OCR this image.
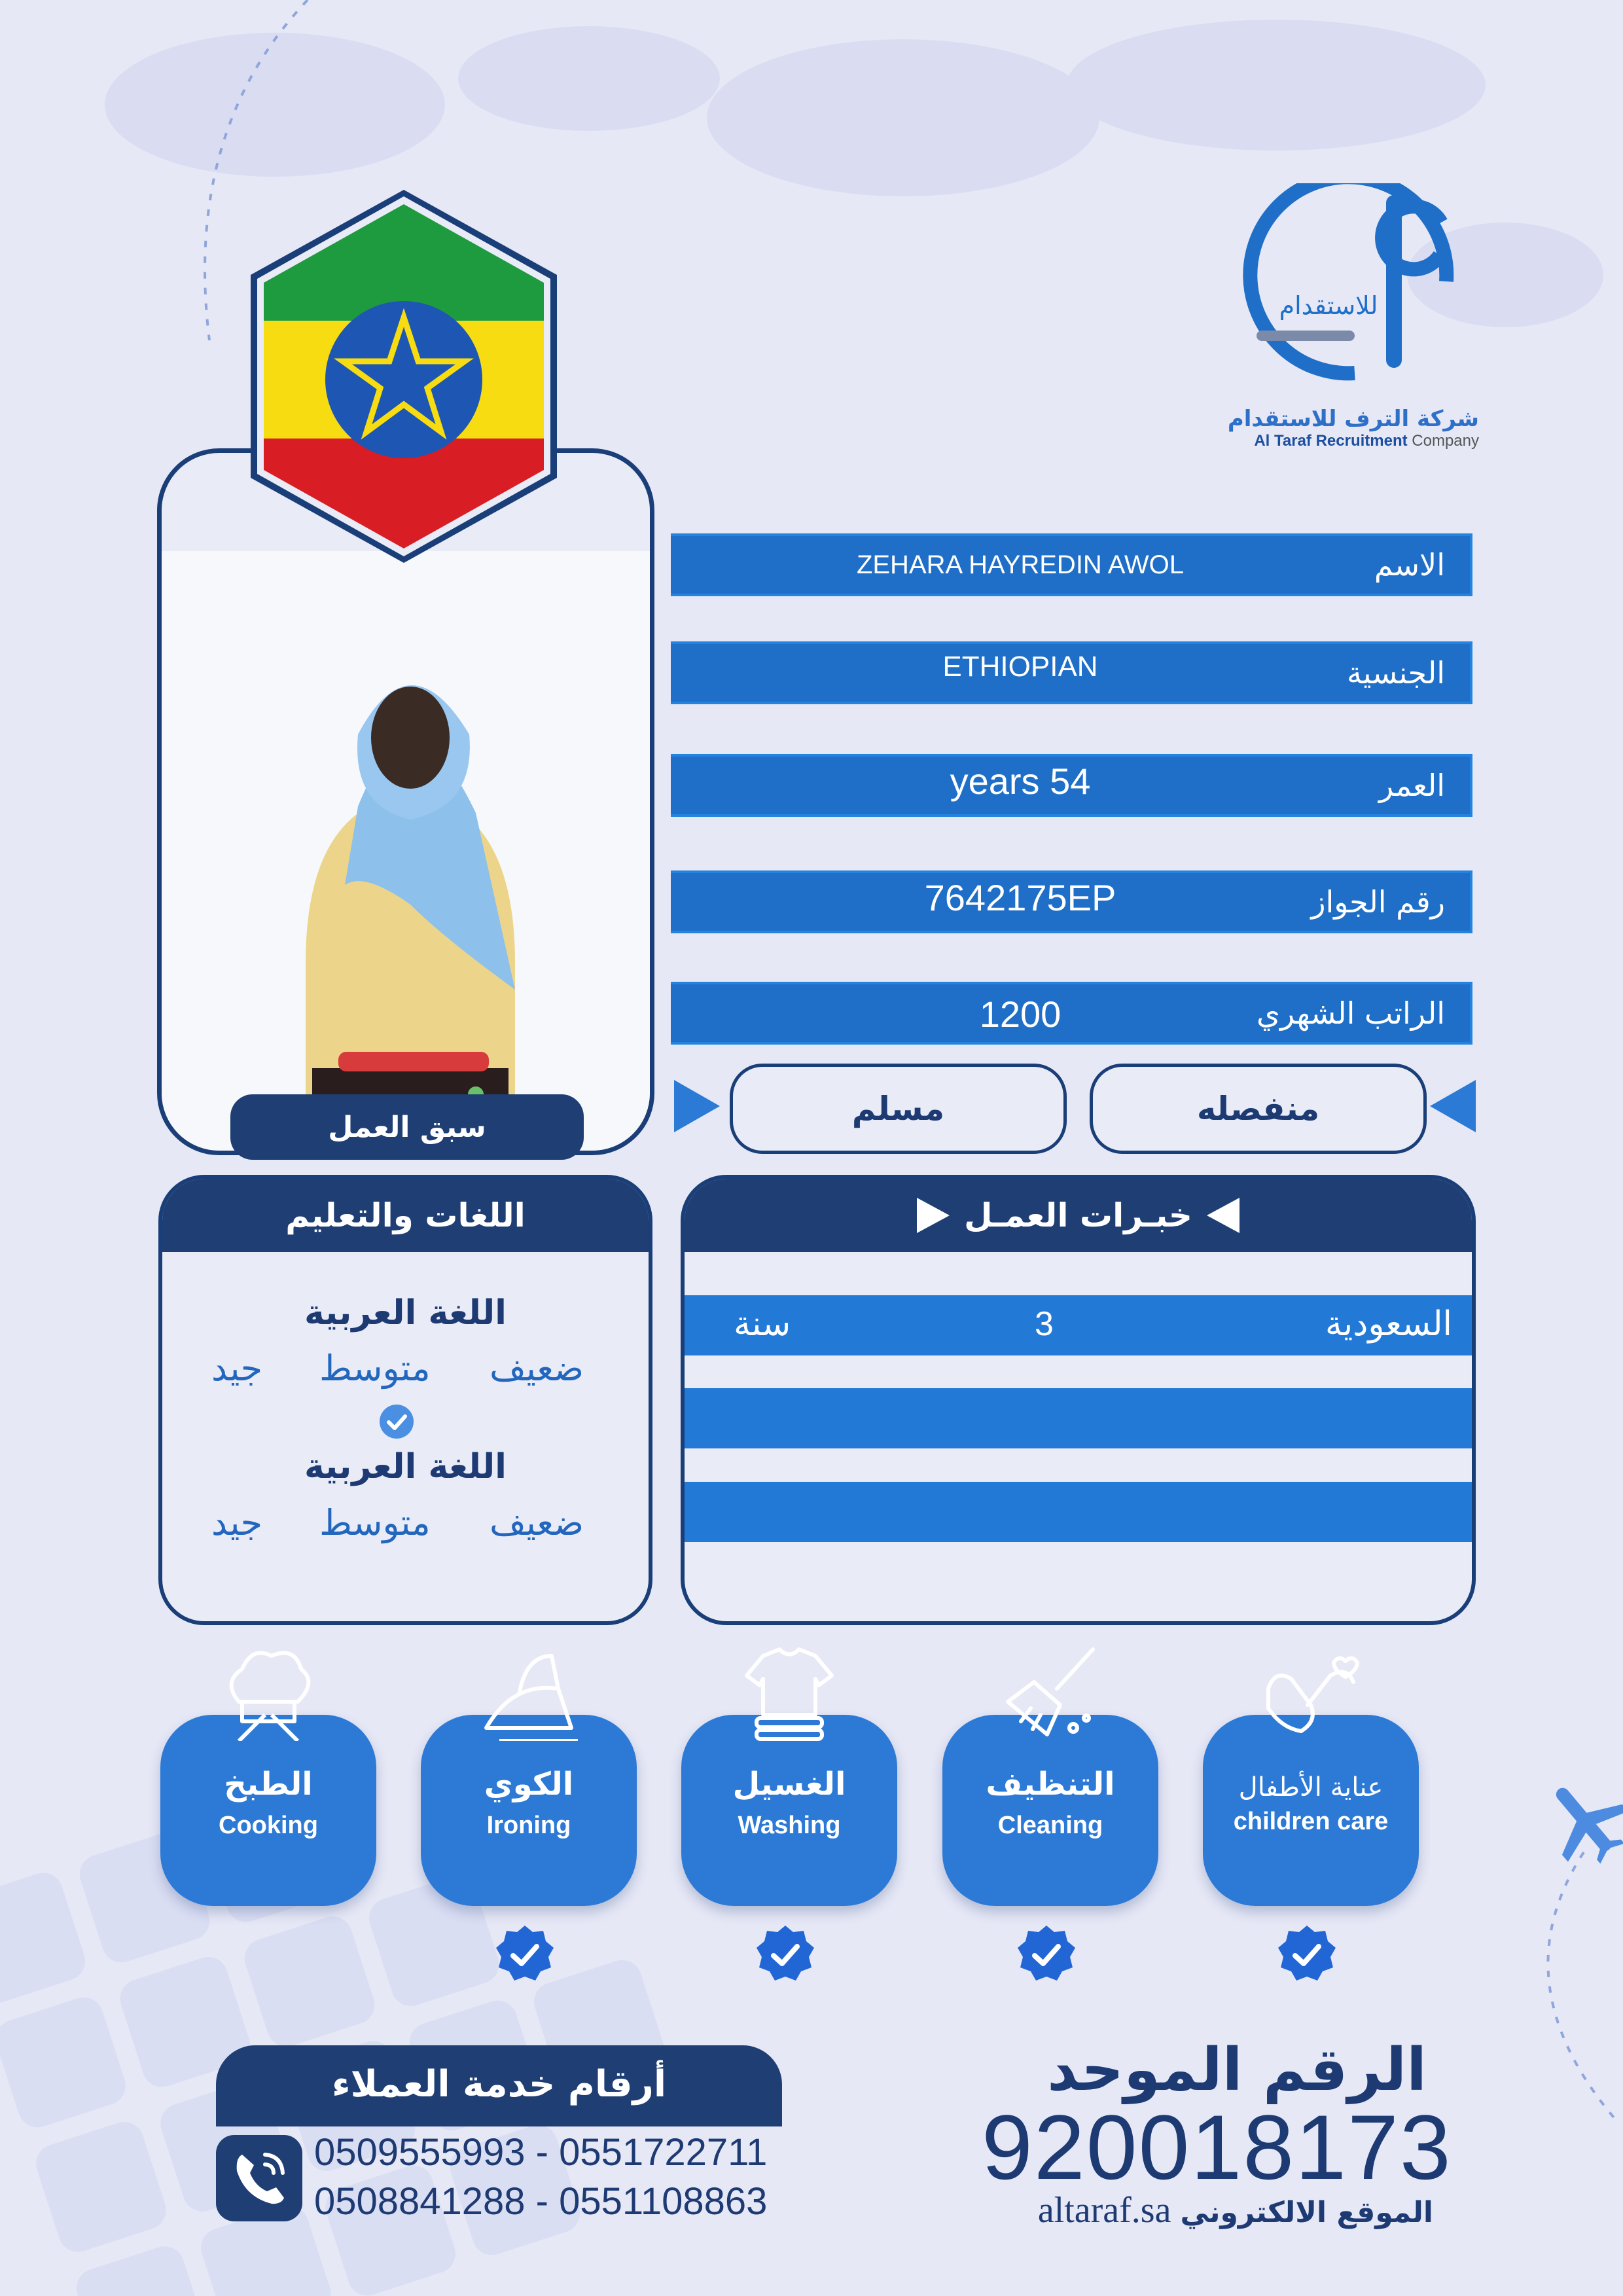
للاستقدام
شركة الترف للاستقدام
Al Taraf Recruitment Company
سبق العمل
الاسم
ZEHARA HAYREDIN AWOL
الجنسية
ETHIOPIAN
العمر
years 54
رقم الجواز
7642175EP
الراتب الشهري
1200
مسلم	منفصله
اللغات والتعليم
اللغة العربية
ضعيف
متوسط
جيد
اللغة العربية
ضعيف
متوسط
جيد
خبـرات العمـل
السعودية
3
سنة
الطبخ
Cooking
الكوي
Ironing
الغسيل
Washing
التنظيف
Cleaning
عناية الأطفال
children care
أرقام خدمة العملاء
0509555993 - 0551722711
0508841288 - 0551108863
الرقم الموحد
920018173
altaraf.sa الموقع الالكتروني
